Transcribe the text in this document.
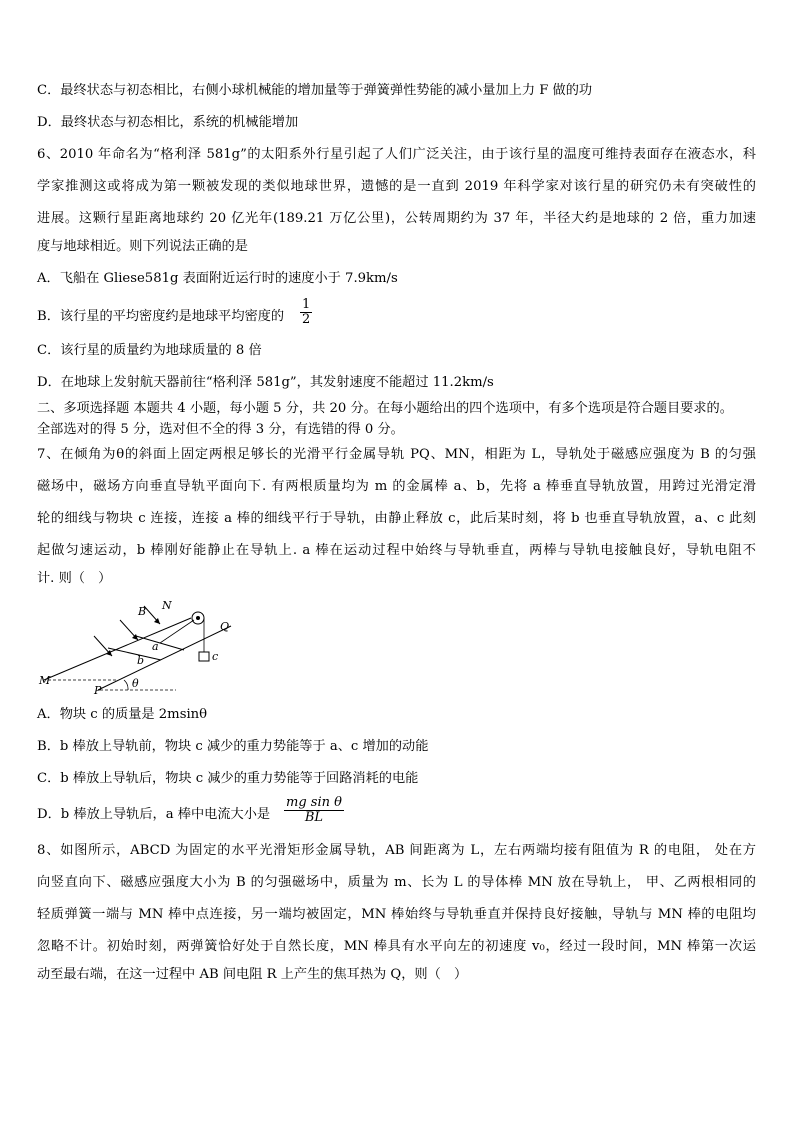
C．最终状态与初态相比，右侧小球机械能的增加量等于弹簧弹性势能的减小量加上力 F 做的功
D．最终状态与初态相比，系统的机械能增加
6、2010 年命名为“格利泽 581g”的太阳系外行星引起了人们广泛关注，由于该行星的温度可维持表面存在液态水，科
学家推测这或将成为第一颗被发现的类似地球世界，遗憾的是一直到 2019 年科学家对该行星的研究仍未有突破性的
进展。这颗行星距离地球约 20 亿光年(189.21 万亿公里)，公转周期约为 37 年，半径大约是地球的 2 倍，重力加速
度与地球相近。则下列说法正确的是
A．飞船在 Gliese581g 表面附近运行时的速度小于 7.9km/s
B．该行星的平均密度约是地球平均密度的 $\frac{1}{2}$
C．该行星的质量约为地球质量的 8 倍
D．在地球上发射航天器前往“格利泽 581g”，其发射速度不能超过 11.2km/s
二、多项选择题 本题共 4 小题，每小题 5 分，共 20 分。在每小题给出的四个选项中，有多个选项是符合题目要求的。
全部选对的得 5 分，选对但不全的得 3 分，有选错的得 0 分。
7、在倾角为θ的斜面上固定两根足够长的光滑平行金属导轨 PQ、MN，相距为 L，导轨处于磁感应强度为 B 的匀强
磁场中，磁场方向垂直导轨平面向下. 有两根质量均为 m 的金属棒 a、b，先将 a 棒垂直导轨放置，用跨过光滑定滑
轮的细线与物块 c 连接，连接 a 棒的细线平行于导轨，由静止释放 c，此后某时刻，将 b 也垂直导轨放置，a、c 此刻
起做匀速运动，b 棒刚好能静止在导轨上. a 棒在运动过程中始终与导轨垂直，两棒与导轨电接触良好，导轨电阻不
计. 则（　）
B N
Q
a
b	c
M
P
θ
A．物块 c 的质量是 2msinθ
B．b 棒放上导轨前，物块 c 减少的重力势能等于 a、c 增加的动能
C．b 棒放上导轨后，物块 c 减少的重力势能等于回路消耗的电能
D．b 棒放上导轨后，a 棒中电流大小是 $\frac{\text{mg sin θ}}{BL}$
8、如图所示，ABCD 为固定的水平光滑矩形金属导轨，AB 间距离为 L，左右两端均接有阻值为 R 的电阻， 处在方
向竖直向下、磁感应强度大小为 B 的匀强磁场中，质量为 m、长为 L 的导体棒 MN 放在导轨上， 甲、乙两根相同的
轻质弹簧一端与 MN 棒中点连接，另一端均被固定，MN 棒始终与导轨垂直并保持良好接触，导轨与 MN 棒的电阻均
忽略不计。初始时刻，两弹簧恰好处于自然长度，MN 棒具有水平向左的初速度 v₀，经过一段时间，MN 棒第一次运
动至最右端，在这一过程中 AB 间电阻 R 上产生的焦耳热为 Q，则（　）
